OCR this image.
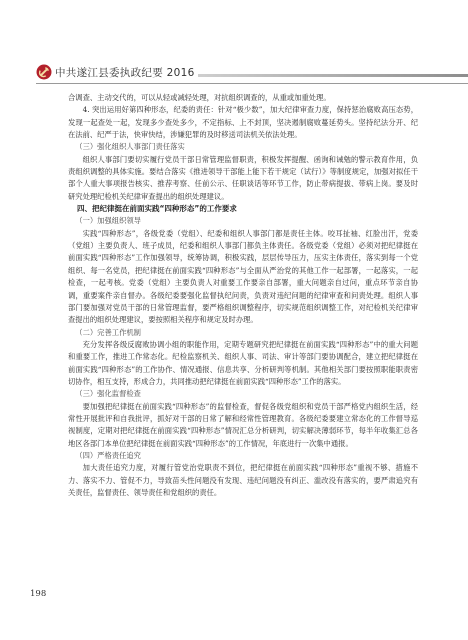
中共遂江县委执政纪要 2016

合调查、主动交代的，可以从轻或减轻处理，对抗组织调查的，从重或加重处理。

4. 突出运用好第四种形态，纪委的责任：针对“极少数”，加大纪律审查力度，保持惩治腐败高压态势，发现一起查处一起，发现多少查处多少，不定指标、上不封顶，坚决遏制腐败蔓延势头。坚持纪法分开、纪在法前、纪严于法，快审快结，涉嫌犯罪的及时移送司法机关依法处理。

（三）强化组织人事部门责任落实

组织人事部门要切实履行党员干部日常管理监督职责，积极发挥提醒、函询和诫勉的警示教育作用，负责组织调整的具体实施。要结合落实《推进领导干部能上能下若干规定（试行）》等制度规定，加强对拟任干部个人重大事项报告核实、推荐考察、任前公示、任职谈话等环节工作，防止带病提拔、带病上岗。要及时研究处理纪检机关纪律审查提出的组织处理建议。

四、把纪律挺在前面实践“四种形态”的工作要求

（一）加强组织领导

实践“四种形态”，各级党委（党组）、纪委和组织人事部门都是责任主体。咬耳扯袖、红脸出汗，党委（党组）主要负责人、班子成员，纪委和组织人事部门都负主体责任。各级党委（党组）必须对把纪律挺在前面实践“四种形态”工作加强领导，统筹协调，积极实践，层层传导压力，压实主体责任，落实到每一个党组织、每一名党员，把纪律挺在前面实践“四种形态”与全面从严治党的其他工作一起部署，一起落实，一起检查，一起考核。党委（党组）主要负责人对重要工作要亲自部署，重大问题亲自过问，重点环节亲自协调，重要案件亲自督办。各级纪委要强化监督执纪问责，负责对违纪问题的纪律审查和问责处理。组织人事部门要加强对党员干部的日常管理监督，要严格组织调整程序，切实规范组织调整工作，对纪检机关纪律审查提出的组织处理建议，要按照相关程序和规定及时办理。

（二）完善工作机制

充分发挥各级反腐败协调小组的职能作用，定期专题研究把纪律挺在前面实践“四种形态”中的重大问题和重要工作，推进工作常态化。纪检监察机关、组织人事、司法、审计等部门要协调配合，建立把纪律挺在前面实践“四种形态”的工作协作、情况通报、信息共享、分析研判等机制。其他相关部门要按照职能职责密切协作，相互支持，形成合力，共同推动把纪律挺在前面实践“四种形态”工作的落实。

（三）强化监督检查

要加强把纪律挺在前面实践“四种形态”的监督检查，督促各级党组织和党员干部严格党内组织生活，经常性开展批评和自我批评，抓好对干部的日常了解和经常性管理教育。各级纪委要建立常态化的工作督导巡视制度，定期对把纪律挺在前面实践“四种形态”情况汇总分析研判，切实解决薄弱环节，每半年收集汇总各地区各部门本单位把纪律挺在前面实践“四种形态”的工作情况，年底进行一次集中通报。

（四）严格责任追究

加大责任追究力度，对履行管党治党职责不到位，把纪律挺在前面实践“四种形态”重视不够、措施不力、落实不力、管促不力，导致苗头性问题没有发现、违纪问题没有纠正、滥改没有落实的，要严肃追究有关责任，监督责任、领导责任和党组织的责任。

198
